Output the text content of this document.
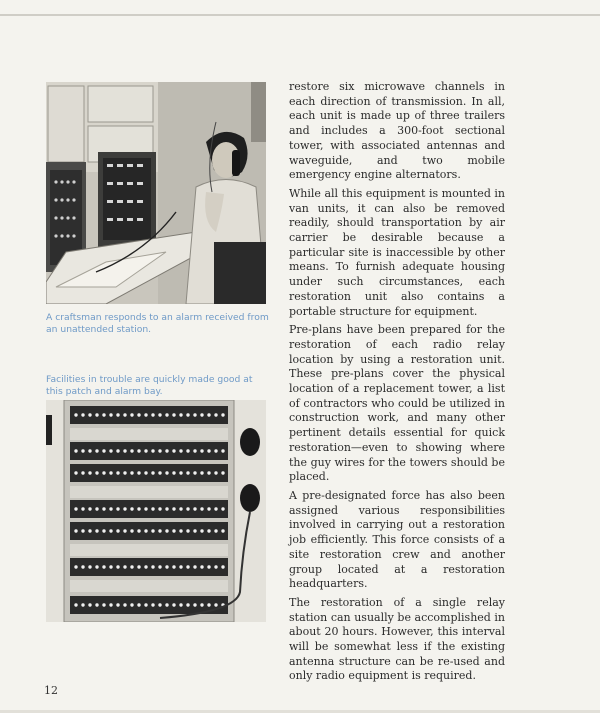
A craftsman responds to an alarm received from an unattended station.
Facilities in trouble are quickly made good at this patch and alarm bay.

restore six microwave channels in each direction of transmission. In all, each unit is made up of three trailers and includes a 300-foot sectional tower, with associated antennas and waveguide, and two mobile emergency engine alternators.

While all this equipment is mounted in van units, it can also be removed readily, should transportation by air carrier be desirable because a particular site is inaccessible by other means. To furnish adequate housing under such circumstances, each restoration unit also contains a portable structure for equipment.

Pre-plans have been prepared for the restoration of each radio relay location by using a restoration unit. These pre-plans cover the physical location of a replacement tower, a list of contractors who could be utilized in construction work, and many other pertinent details essential for quick restoration—even to showing where the guy wires for the towers should be placed.

A pre-designated force has also been assigned various responsibilities involved in carrying out a restoration job efficiently. This force consists of a site restoration crew and another group located at a restoration headquarters.

The restoration of a single relay station can usually be accomplished in about 20 hours. However, this interval will be somewhat less if the existing antenna structure can be re-used and only radio equipment is required.

12
